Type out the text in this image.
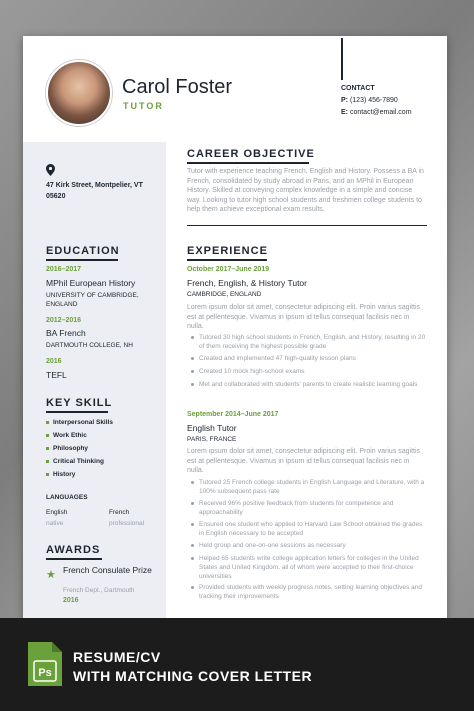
Carol Foster
TUTOR
CONTACT
P: (123) 456-7890
E: contact@email.com
47 Kirk Street, Montpelier, VT 05620
CAREER OBJECTIVE
Tutor with experience teaching French, English and History. Possess a BA in French, consolidated by study abroad in Paris, and an MPhil in European History. Skilled at conveying complex knowledge in a simple and concise way. Looking to tutor high school students and freshmen college students to help them achieve exceptional exam results.
EDUCATION
2016–2017
MPhil European History
UNIVERSITY OF CAMBRIDGE, ENGLAND
2012–2016
BA French
DARTMOUTH COLLEGE, NH
2016
TEFL
KEY SKILL
Interpersonal Skills
Work Ethic
Philosophy
Critical Thinking
History
LANGUAGES
English
native
French
professional
AWARDS
★ French Consulate Prize
French Dept., Dartmouth
2016
EXPERIENCE
October 2017–June 2019
French, English, & History Tutor
CAMBRIDGE, ENGLAND
Lorem ipsum dolor sit amet, consectetur adipiscing elit. Proin varius sagittis est at pellentesque. Vivamus in ipsum id tellus consequat facilisis nec in nulla.
Tutored 30 high school students in French, English, and History, resulting in 20 of them receiving the highest possible grade
Created and implemented 47 high-quality lesson plans
Created 10 mock high-school exams
Met and collaborated with students' parents to create realistic learning goals
September 2014–June 2017
English Tutor
PARIS, FRANCE
Lorem ipsum dolor sit amet, consectetur adipiscing elit. Proin varius sagittis est at pellentesque. Vivamus in ipsum id tellus consequat facilisis nec in nulla.
Tutored 25 French college students in English Language and Literature, with a 100% subsequent pass rate
Received 96% positive feedback from students for competence and approachability
Ensured one student who applied to Harvard Law School obtained the grades in English necessary to be accepted
Held group and one-on-one sessions as necessary
Helped 65 students write college application letters for colleges in the United States and United Kingdom, all of whom were accepted to their first-choice universities
Provided students with weekly progress notes, setting learning objectives and tracking their improvements
Ps
RESUME/CV
WITH MATCHING COVER LETTER
